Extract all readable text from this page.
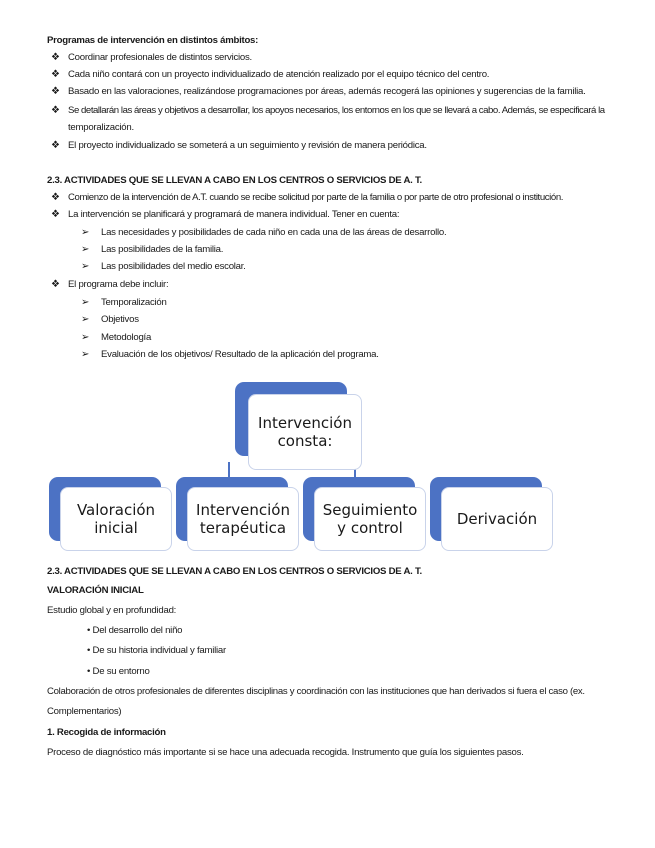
Programas de intervención en distintos ámbitos:
❖ Coordinar profesionales de distintos servicios.
❖ Cada niño contará con un proyecto individualizado de atención realizado por el equipo técnico del centro.
❖ Basado en las valoraciones, realizándose programaciones por áreas, además recogerá las opiniones y sugerencias de la familia.
❖ Se detallarán las áreas y objetivos a desarrollar, los apoyos necesarios, los entornos en los que se llevará a cabo. Además, se especificará la
temporalización.
❖ El proyecto individualizado se someterá a un seguimiento y revisión de manera periódica.
2.3. ACTIVIDADES QUE SE LLEVAN A CABO EN LOS CENTROS O SERVICIOS DE A. T.
❖ Comienzo de la intervención de A.T. cuando se recibe solicitud por parte de la familia o por parte de otro profesional o institución.
❖ La intervención se planificará y programará de manera individual. Tener en cuenta:
➢ Las necesidades y posibilidades de cada niño en cada una de las áreas de desarrollo.
➢ Las posibilidades de la familia.
➢ Las posibilidades del medio escolar.
❖ El programa debe incluir:
➢ Temporalización
➢ Objetivos
➢ Metodología
➢ Evaluación de los objetivos/ Resultado de la aplicación del programa.
Intervención consta:
Valoración inicial
Intervención terapéutica
Seguimiento y control	Derivación
2.3. ACTIVIDADES QUE SE LLEVAN A CABO EN LOS CENTROS O SERVICIOS DE A. T.
VALORACIÓN INICIAL
Estudio global y en profundidad:
• Del desarrollo del niño
• De su historia individual y familiar
• De su entorno
Colaboración de otros profesionales de diferentes disciplinas y coordinación con las instituciones que han derivados si fuera el caso (ex.
Complementarios)
1. Recogida de información
Proceso de diagnóstico más importante si se hace una adecuada recogida. Instrumento que guía los siguientes pasos.
